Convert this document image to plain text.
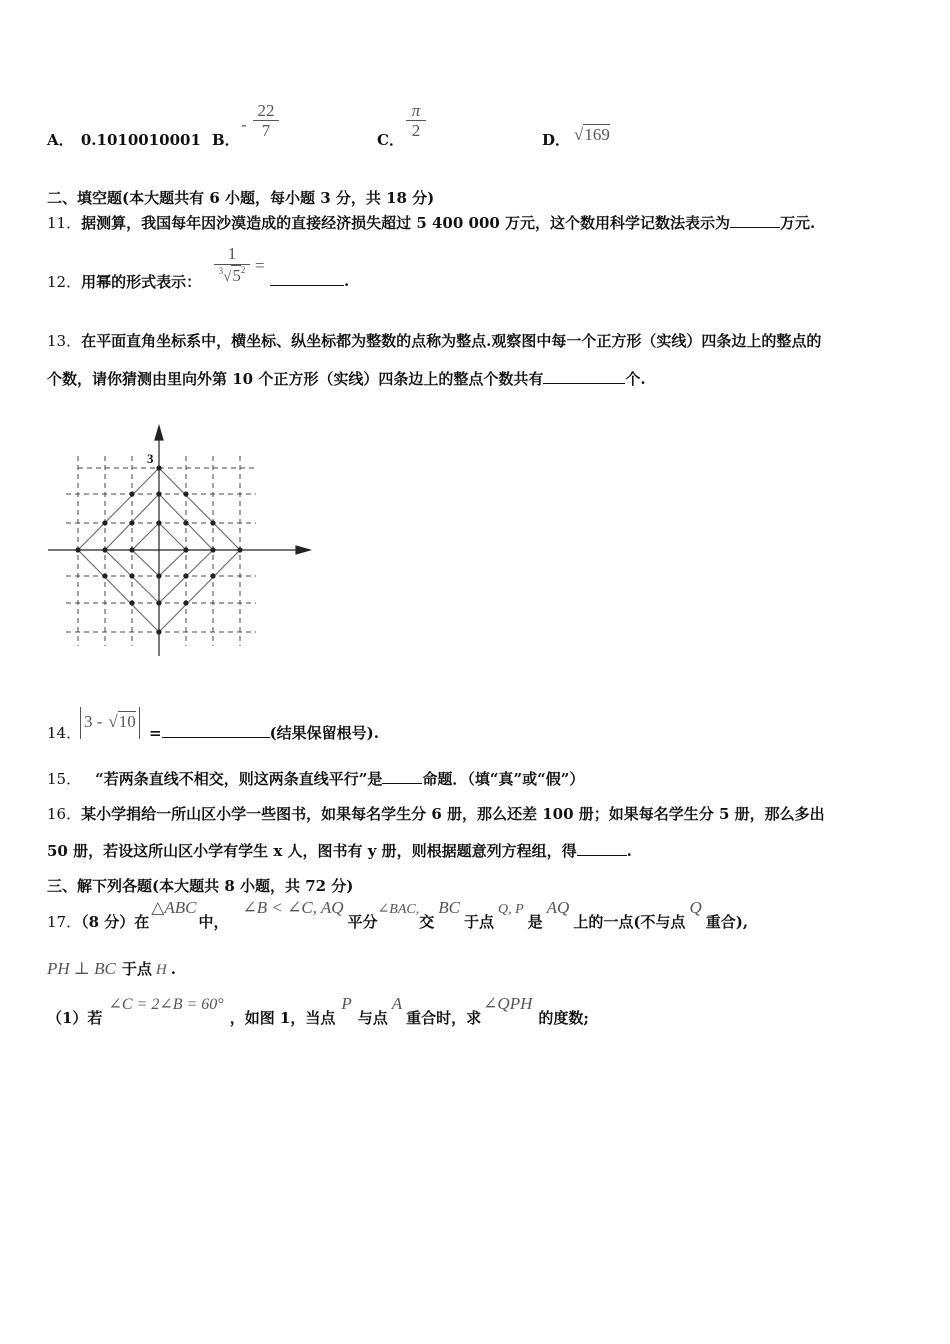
A． 0.1010010001 B．
- $\frac{22}{7}$	C． $\frac{\pi}{2}$	D． √169
二、填空题(本大题共有 6 小题，每小题 3 分，共 18 分)
11．据测算，我国每年因沙漠造成的直接经济损失超过 5 400 000 万元，这个数用科学记数法表示为	万元.
12．用幂的形式表示： $\frac{1}{^3√5^2}$ =
.
13．在平面直角坐标系中，横坐标、纵坐标都为整数的点称为整点.观察图中每一个正方形（实线）四条边上的整点的
个数，请你猜测由里向外第 10 个正方形（实线）四条边上的整点个数共有	个.
3
14．
3 - √10
=	(结果保留根号).
15． “若两条直线不相交，则这两条直线平行”是	命题．（填“真”或“假”）
16．某小学捐给一所山区小学一些图书，如果每名学生分 6 册，那么还差 100 册；如果每名学生分 5 册，那么多出
50 册，若设这所山区小学有学生 x 人，图书有 y 册，则根据题意列方程组，得	.
三、解下列各题(本大题共 8 小题，共 72 分)
17．（8 分）在△ABC中，∠B < ∠C, AQ平分∠BAC,交BC于点Q, P是AQ上的一点(不与点Q重合),
PH ⊥ BC 于点 H .
（1）若∠C = 2∠B = 60°，如图 1，当点P与点A重合时，求∠QPH的度数;
